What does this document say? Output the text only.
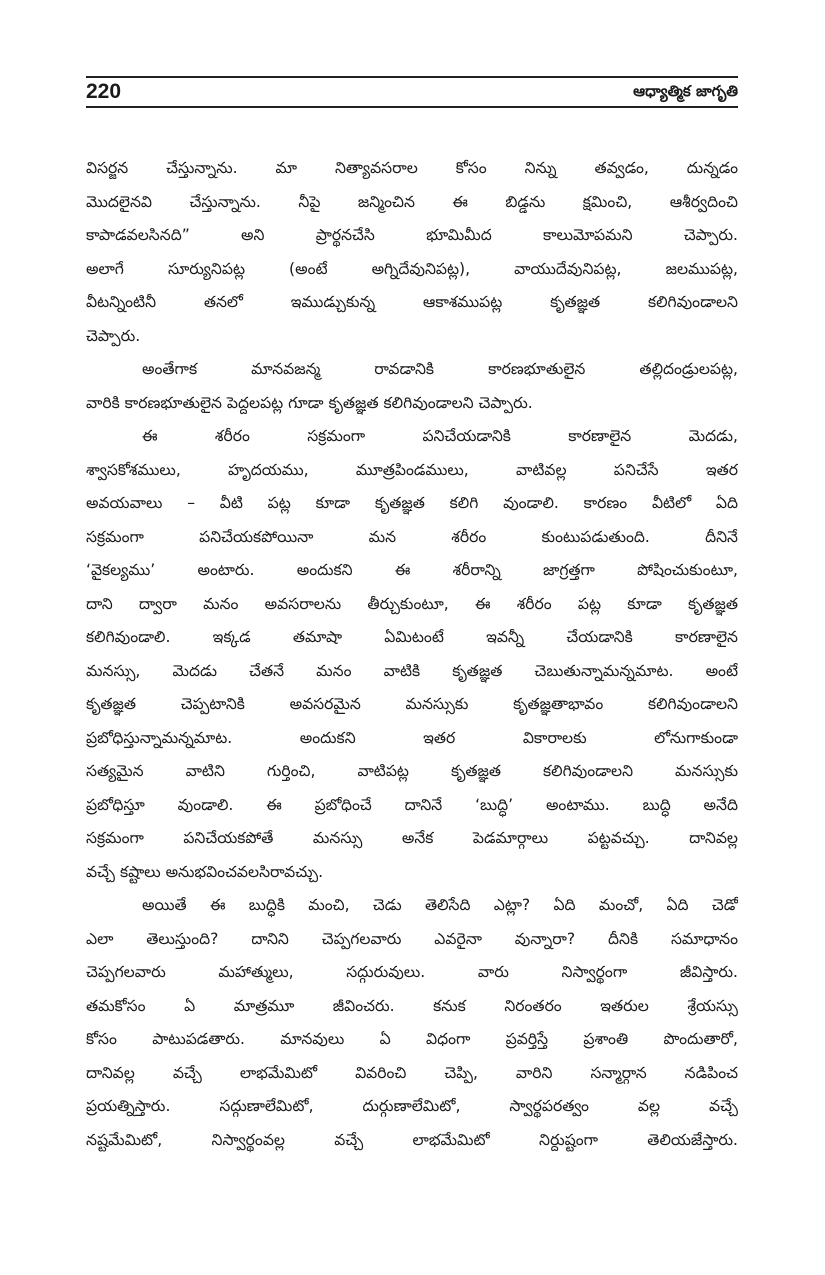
220	ఆధ్యాత్మిక జాగృతి

విసర్జన చేస్తున్నాను. మా నిత్యావసరాల కోసం నిన్ను తవ్వడం, దున్నడం
మొదలైనవి చేస్తున్నాను. నీపై జన్మించిన ఈ బిడ్డను క్షమించి, ఆశీర్వదించి
కాపాడవలసినది” అని ప్రార్థనచేసి భూమిమీద కాలుమోపమని చెప్పారు.
అలాగే సూర్యునిపట్ల (అంటే అగ్నిదేవునిపట్ల), వాయుదేవునిపట్ల, జలముపట్ల,
వీటన్నింటినీ తనలో ఇముడ్చుకున్న ఆకాశముపట్ల కృతజ్ఞత కలిగివుండాలని
చెప్పారు.

అంతేగాక మానవజన్మ రావడానికి కారణభూతులైన తల్లిదండ్రులపట్ల,
వారికి కారణభూతులైన పెద్దలపట్ల గూడా కృతజ్ఞత కలిగివుండాలని చెప్పారు.

ఈ శరీరం సక్రమంగా పనిచేయడానికి కారణాలైన మెదడు,
శ్వాసకోశములు, హృదయము, మూత్రపిండములు, వాటివల్ల పనిచేసే ఇతర
అవయవాలు – వీటి పట్ల కూడా కృతజ్ఞత కలిగి వుండాలి. కారణం వీటిలో ఏది
సక్రమంగా పనిచేయకపోయినా మన శరీరం కుంటుపడుతుంది. దీనినే
‘వైకల్యము’ అంటారు. అందుకని ఈ శరీరాన్ని జాగ్రత్తగా పోషించుకుంటూ,
దాని ద్వారా మనం అవసరాలను తీర్చుకుంటూ, ఈ శరీరం పట్ల కూడా కృతజ్ఞత
కలిగివుండాలి. ఇక్కడ తమాషా ఏమిటంటే ఇవన్నీ చేయడానికి కారణాలైన
మనస్సు, మెదడు చేతనే మనం వాటికి కృతజ్ఞత చెబుతున్నామన్నమాట. అంటే
కృతజ్ఞత చెప్పటానికి అవసరమైన మనస్సుకు కృతజ్ఞతాభావం కలిగివుండాలని
ప్రబోధిస్తున్నామన్నమాట. అందుకని ఇతర వికారాలకు లోనుగాకుండా
సత్యమైన వాటిని గుర్తించి, వాటిపట్ల కృతజ్ఞత కలిగివుండాలని మనస్సుకు
ప్రబోధిస్తూ వుండాలి. ఈ ప్రబోధించే దానినే ‘బుద్ధి’ అంటాము. బుద్ధి అనేది
సక్రమంగా పనిచేయకపోతే మనస్సు అనేక పెడమార్గాలు పట్టవచ్చు. దానివల్ల
వచ్చే కష్టాలు అనుభవించవలసిరావచ్చు.

అయితే ఈ బుద్ధికి మంచి, చెడు తెలిసేది ఎట్లా? ఏది మంచో, ఏది చెడో
ఎలా తెలుస్తుంది? దానిని చెప్పగలవారు ఎవరైనా వున్నారా? దీనికి సమాధానం
చెప్పగలవారు మహాత్ములు, సద్గురువులు. వారు నిస్వార్థంగా జీవిస్తారు.
తమకోసం ఏ మాత్రమూ జీవించరు. కనుక నిరంతరం ఇతరుల శ్రేయస్సు
కోసం పాటుపడతారు. మానవులు ఏ విధంగా ప్రవర్తిస్తే ప్రశాంతి పొందుతారో,
దానివల్ల వచ్చే లాభమేమిటో వివరించి చెప్పి, వారిని సన్మార్గాన నడిపించ
ప్రయత్నిస్తారు. సద్గుణాలేమిటో, దుర్గుణాలేమిటో, స్వార్థపరత్వం వల్ల వచ్చే
నష్టమేమిటో, నిస్వార్థంవల్ల వచ్చే లాభమేమిటో నిర్దుష్టంగా తెలియజేస్తారు.
